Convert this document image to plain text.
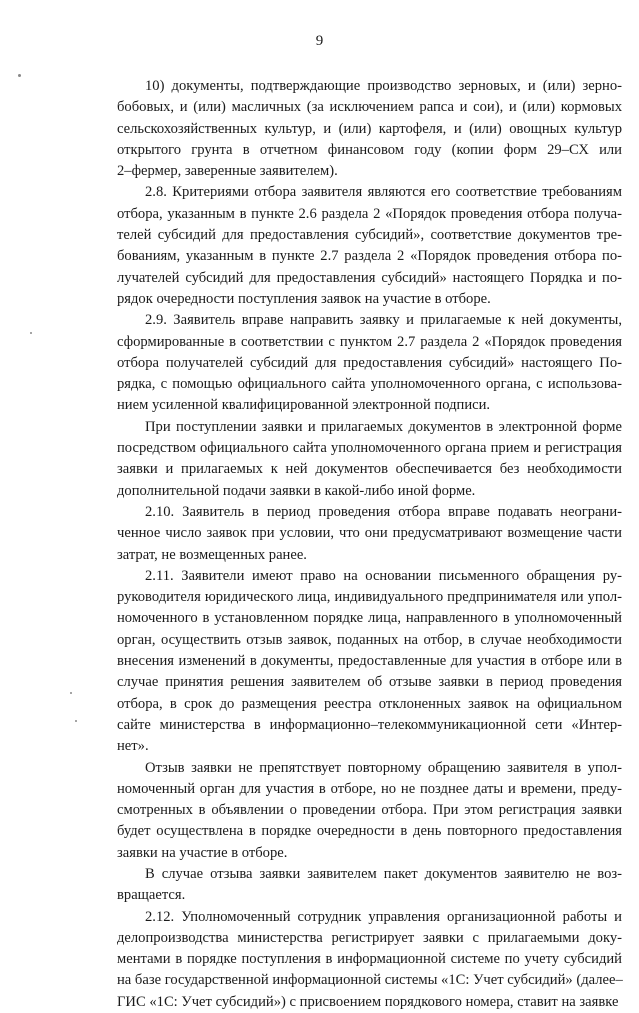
9
10) документы, подтверждающие производство зерновых, и (или) зерно-
бобовых, и (или) масличных (за исключением рапса и сои), и (или) кормовых
сельскохозяйственных культур, и (или) картофеля, и (или) овощных культур
открытого грунта в отчетном финансовом году (копии форм 29–СХ или
2–фермер, заверенные заявителем).
2.8. Критериями отбора заявителя являются его соответствие требованиям
отбора, указанным в пункте 2.6 раздела 2 «Порядок проведения отбора получа-
телей субсидий для предоставления субсидий», соответствие документов тре-
бованиям, указанным в пункте 2.7 раздела 2 «Порядок проведения отбора по-
лучателей субсидий для предоставления субсидий» настоящего Порядка и по-
рядок очередности поступления заявок на участие в отборе.
2.9. Заявитель вправе направить заявку и прилагаемые к ней документы,
сформированные в соответствии с пунктом 2.7 раздела 2 «Порядок проведения
отбора получателей субсидий для предоставления субсидий» настоящего По-
рядка, с помощью официального сайта уполномоченного органа, с использова-
нием усиленной квалифицированной электронной подписи.
При поступлении заявки и прилагаемых документов в электронной форме
посредством официального сайта уполномоченного органа прием и регистрация
заявки и прилагаемых к ней документов обеспечивается без необходимости
дополнительной подачи заявки в какой-либо иной форме.
2.10. Заявитель в период проведения отбора вправе подавать неограни-
ченное число заявок при условии, что они предусматривают возмещение части
затрат, не возмещенных ранее.
2.11. Заявители имеют право на основании письменного обращения ру-
руководителя юридического лица, индивидуального предпринимателя или упол-
номоченного в установленном порядке лица, направленного в уполномоченный
орган, осуществить отзыв заявок, поданных на отбор, в случае необходимости
внесения изменений в документы, предоставленные для участия в отборе или в
случае принятия решения заявителем об отзыве заявки в период проведения
отбора, в срок до размещения реестра отклоненных заявок на официальном
сайте министерства в информационно–телекоммуникационной сети «Интер-
нет».
Отзыв заявки не препятствует повторному обращению заявителя в упол-
номоченный орган для участия в отборе, но не позднее даты и времени, преду-
смотренных в объявлении о проведении отбора. При этом регистрация заявки
будет осуществлена в порядке очередности в день повторного предоставления
заявки на участие в отборе.
В случае отзыва заявки заявителем пакет документов заявителю не воз-
вращается.
2.12. Уполномоченный сотрудник управления организационной работы и
делопроизводства министерства регистрирует заявки с прилагаемыми доку-
ментами в порядке поступления в информационной системе по учету субсидий
на базе государственной информационной системы «1С: Учет субсидий» (далее–
ГИС «1С: Учет субсидий») с присвоением порядкового номера, ставит на заявке
